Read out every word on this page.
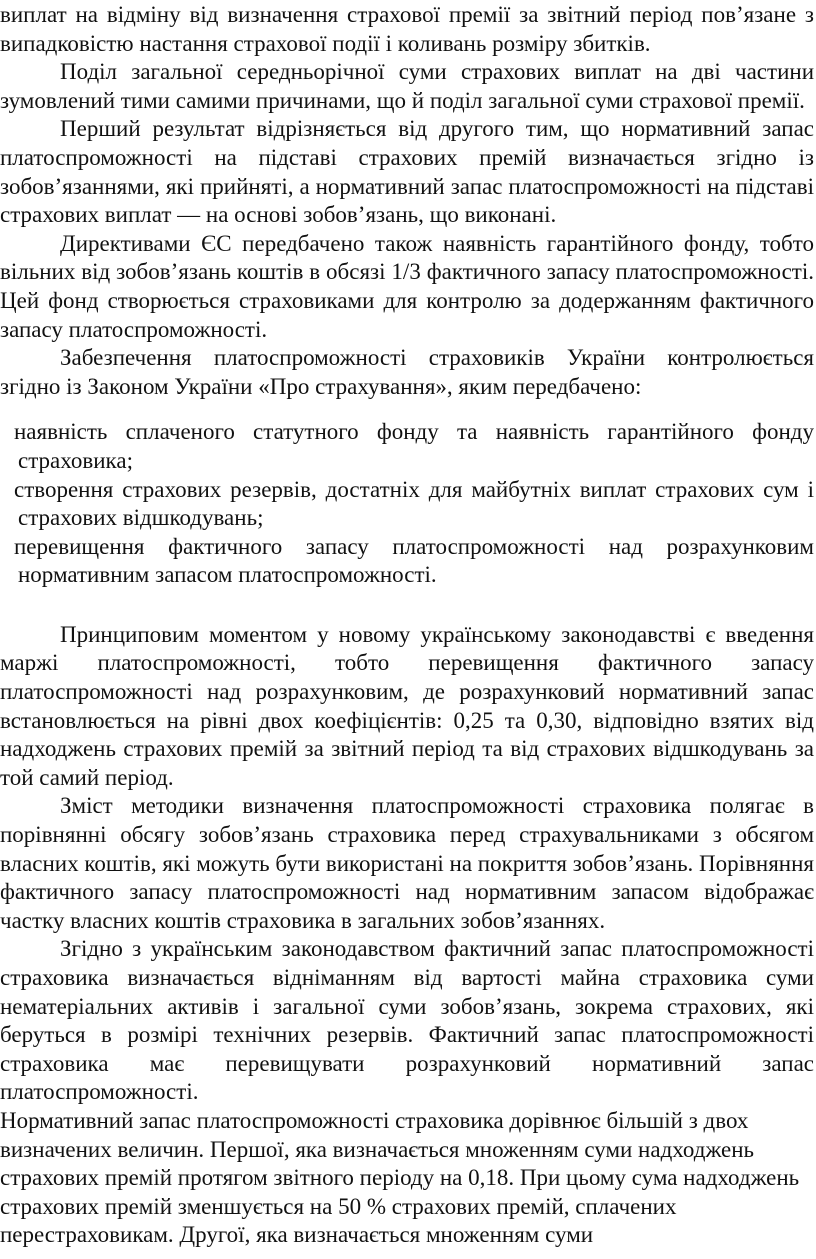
виплат на відміну від визначення страхової премії за звітний період пов’язане з випадковістю настання страхової події і коливань розміру збитків.

Поділ загальної середньорічної суми страхових виплат на дві частини зумовлений тими самими причинами, що й поділ загальної суми страхової премії.

Перший результат відрізняється від другого тим, що нормативний запас платоспроможності на підставі страхових премій визначається згідно із зобов’язаннями, які прийняті, а нормативний запас платоспроможності на підставі страхових виплат — на основі зобов’язань, що виконані.

Директивами ЄС передбачено також наявність гарантійного фонду, тобто вільних від зобов’язань коштів в обсязі 1/3 фактичного запасу платоспроможності. Цей фонд створюється страховиками для контролю за додержанням фактичного запасу платоспроможності.

Забезпечення платоспроможності страховиків України контролюється згідно із Законом України «Про страхування», яким передбачено:

наявність сплаченого статутного фонду та наявність гарантійного фонду страховика;
створення страхових резервів, достатніх для майбутніх виплат страхових сум і страхових відшкодувань;
перевищення фактичного запасу платоспроможності над розрахунковим нормативним запасом платоспроможності.

Принциповим моментом у новому українському законодавстві є введення маржі платоспроможності, тобто перевищення фактичного запасу платоспроможності над розрахунковим, де розрахунковий нормативний запас встановлюється на рівні двох коефіцієнтів: 0,25 та 0,30, відповідно взятих від надходжень страхових премій за звітний період та від страхових відшкодувань за той самий період.

Зміст методики визначення платоспроможності страховика полягає в порівнянні обсягу зобов’язань страховика перед страхувальниками з обсягом власних коштів, які можуть бути використані на покриття зобов’язань. Порівняння фактичного запасу платоспроможності над нормативним запасом відображає частку власних коштів страховика в загальних зобов’язаннях.

Згідно з українським законодавством фактичний запас платоспроможності страховика визначається відніманням від вартості майна страховика суми нематеріальних активів і загальної суми зобов’язань, зокрема страхових, які беруться в розмірі технічних резервів. Фактичний запас платоспроможності страховика має перевищувати розрахунковий нормативний запас платоспроможності.

Нормативний запас платоспроможності страховика дорівнює більшій з двох визначених величин. Першої, яка визначається множенням суми надходжень страхових премій протягом звітного періоду на 0,18. При цьому сума надходжень страхових премій зменшується на 50 % страхових премій, сплачених перестраховикам. Другої, яка визначається множенням суми
